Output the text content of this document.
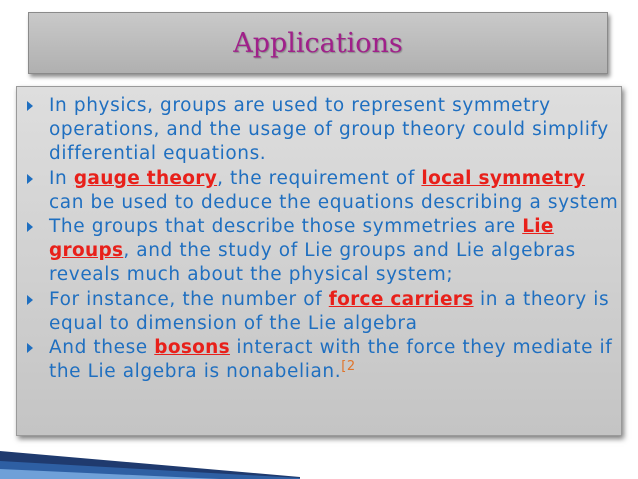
Applications
In physics, groups are used to represent symmetry operations, and the usage of group theory could simplify differential equations.
In gauge theory, the requirement of local symmetry can be used to deduce the equations describing a system
The groups that describe those symmetries are Lie groups, and the study of Lie groups and Lie algebras reveals much about the physical system;
For instance, the number of force carriers in a theory is equal to dimension of the Lie algebra
And these bosons interact with the force they mediate if the Lie algebra is nonabelian.$^{[2}$
